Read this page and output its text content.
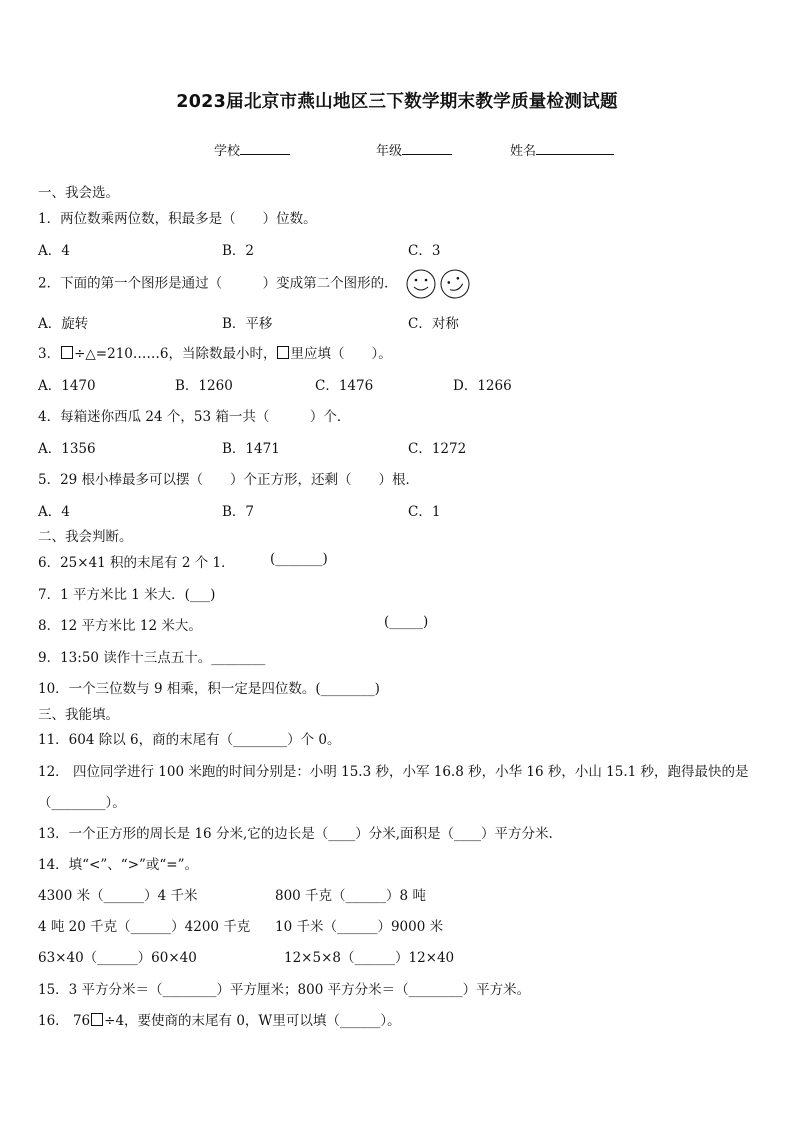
2023届北京市燕山地区三下数学期末教学质量检测试题
学校	年级	姓名
一、我会选。
1．两位数乘两位数，积最多是（　　）位数。
A．4	B．2	C．3
2．下面的第一个图形是通过（　　　）变成第二个图形的．
A．旋转	B．平移	C．对称
3． ÷△=210……6，当除数最小时， 里应填（　　）。
A．1470	B．1260	C．1476	D．1266
4．每箱迷你西瓜 24 个，53 箱一共（　　　）个．
A．1356	B．1471	C．1272
5．29 根小棒最多可以摆（　　）个正方形，还剩（　　）根．
A．4	B．7	C．1
二、我会判断。
6．25×41 积的末尾有 2 个 1．	(_______)
7．1 平方米比 1 米大．(___)
8．12 平方米比 12 米大。	(_____)
9．13:50 读作十三点五十。________
10．一个三位数与 9 相乘，积一定是四位数。(________)
三、我能填。
11．604 除以 6，商的末尾有（________）个 0。
12． 四位同学进行 100 米跑的时间分别是：小明 15.3 秒，小军 16.8 秒，小华 16 秒，小山 15.1 秒，跑得最快的是
（________）。
13．一个正方形的周长是 16 分米,它的边长是（____）分米,面积是（____）平方分米.
14．填“<”、“>”或“=”。
4300 米（______）4 千米	800 千克（______）8 吨
4 吨 20 千克（______）4200 千克 10 千米（______）9000 米
63×40（______）60×40	12×5×8（______）12×40
15．3 平方分米＝（________）平方厘米；800 平方分米＝（________）平方米。
16． 76 ÷4，要使商的末尾有 0，W里可以填（______）。
